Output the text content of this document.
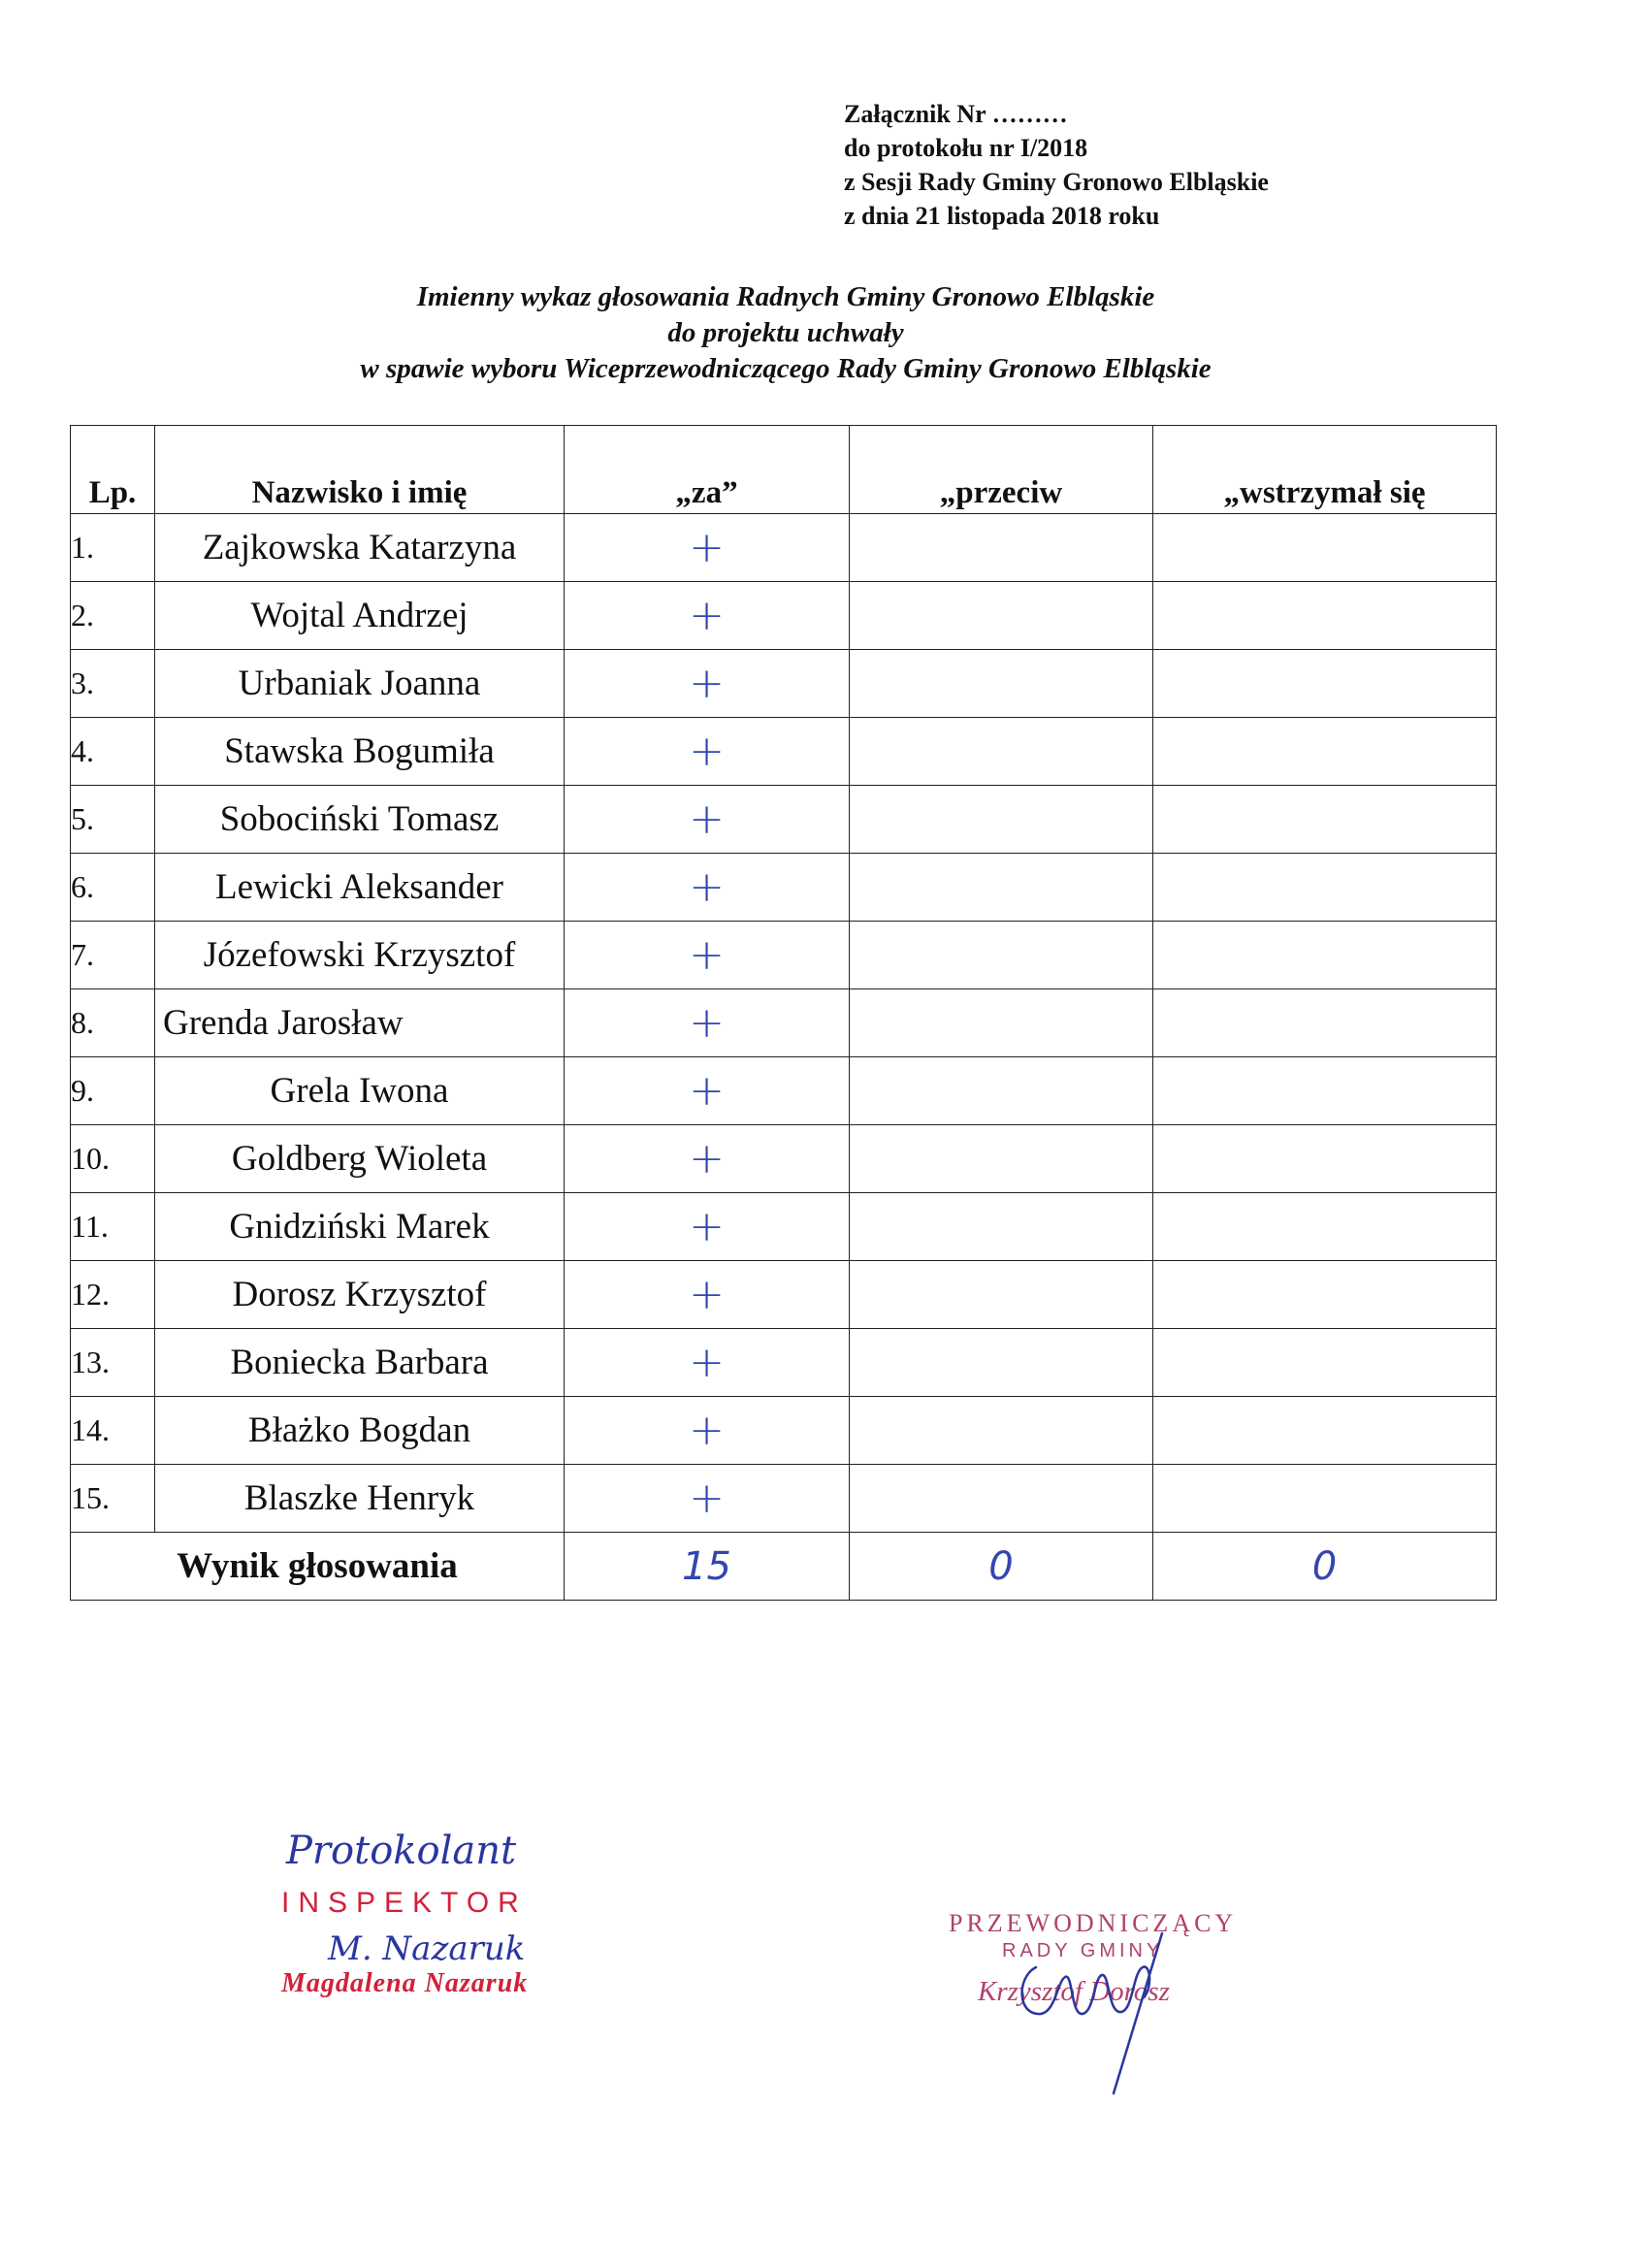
Załącznik Nr ………
do protokołu nr I/2018
z Sesji Rady Gminy Gronowo Elbląskie
z dnia 21 listopada 2018 roku
Imienny wykaz głosowania Radnych Gminy Gronowo Elbląskie
do projektu uchwały
w spawie wyboru Wiceprzewodniczącego Rady Gminy Gronowo Elbląskie
Lp.	Nazwisko i imię	„za”	„przeciw	„wstrzymał się
1.	Zajkowska Katarzyna	+		
2.	Wojtal Andrzej	+		
3.	Urbaniak Joanna	+		
4.	Stawska Bogumiła	+		
5.	Sobociński Tomasz	+		
6.	Lewicki Aleksander	+		
7.	Józefowski Krzysztof	+		
8.	Grenda Jarosław	+		
9.	Grela Iwona	+		
10.	Goldberg Wioleta	+		
11.	Gnidziński Marek	+		
12.	Dorosz Krzysztof	+		
13.	Boniecka Barbara	+		
14.	Błażko Bogdan	+		
15.	Blaszke Henryk	+		
Wynik głosowania		15	0	0
Protokolant
INSPEKTOR
M. Nazaruk
Magdalena Nazaruk
PRZEWODNICZĄCY
RADY GMINY
Krzysztof Dorosz
